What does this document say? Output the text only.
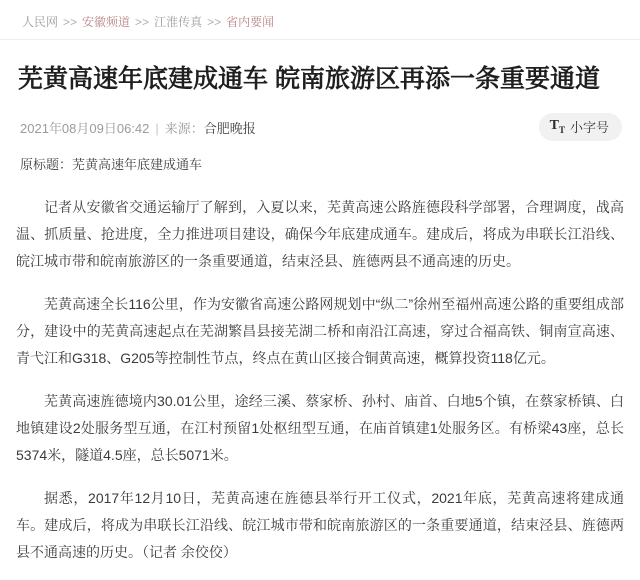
人民网 >> 安徽频道 >> 江淮传真 >> 省内要闻
芜黄高速年底建成通车 皖南旅游区再添一条重要通道
2021年08月09日06:42 | 来源：合肥晚报	$T_T$ 小字号
原标题：芜黄高速年底建成通车

记者从安徽省交通运输厅了解到，入夏以来，芜黄高速公路旌德段科学部署，合理调度，战高温、抓质量、抢进度，全力推进项目建设，确保今年底建成通车。建成后，将成为串联长江沿线、皖江城市带和皖南旅游区的一条重要通道，结束泾县、旌德两县不通高速的历史。

芜黄高速全长116公里，作为安徽省高速公路网规划中“纵二”徐州至福州高速公路的重要组成部分，建设中的芜黄高速起点在芜湖繁昌县接芜湖二桥和南沿江高速，穿过合福高铁、铜南宣高速、青弋江和G318、G205等控制性节点，终点在黄山区接合铜黄高速，概算投资118亿元。

芜黄高速旌德境内30.01公里，途经三溪、蔡家桥、孙村、庙首、白地5个镇，在蔡家桥镇、白地镇建设2处服务型互通，在江村预留1处枢纽型互通，在庙首镇建1处服务区。有桥梁43座，总长5374米，隧道4.5座，总长5071米。

据悉，2017年12月10日，芜黄高速在旌德县举行开工仪式，2021年底，芜黄高速将建成通车。建成后，将成为串联长江沿线、皖江城市带和皖南旅游区的一条重要通道，结束泾县、旌德两县不通高速的历史。（记者 余佼佼）
